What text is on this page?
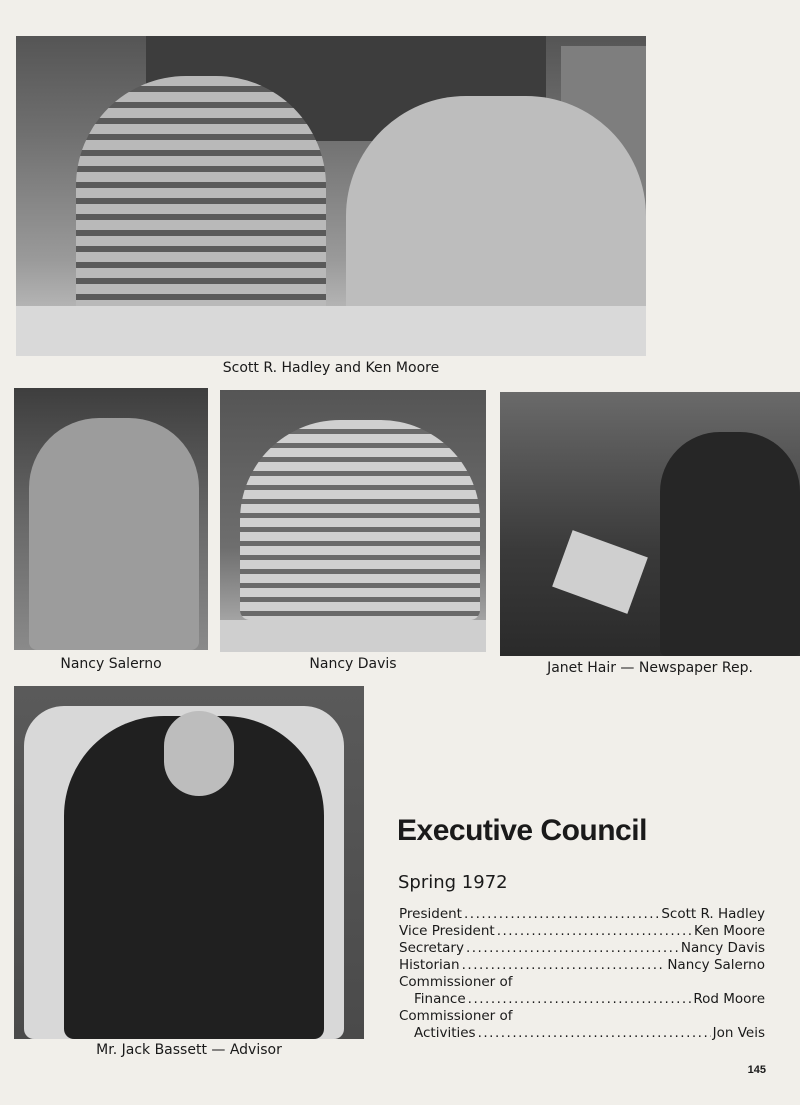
Scott R. Hadley and Ken Moore
Nancy Salerno	Nancy Davis	Janet Hair — Newspaper Rep.
Mr. Jack Bassett — Advisor
Executive Council
Spring 1972
President .....	Scott R. Hadley
Vice President .....	Ken Moore
Secretary .....	Nancy Davis
Historian .....	Nancy Salerno
Commissioner of
Finance .....	Rod Moore
Commissioner of
Activities .....	Jon Veis
145
